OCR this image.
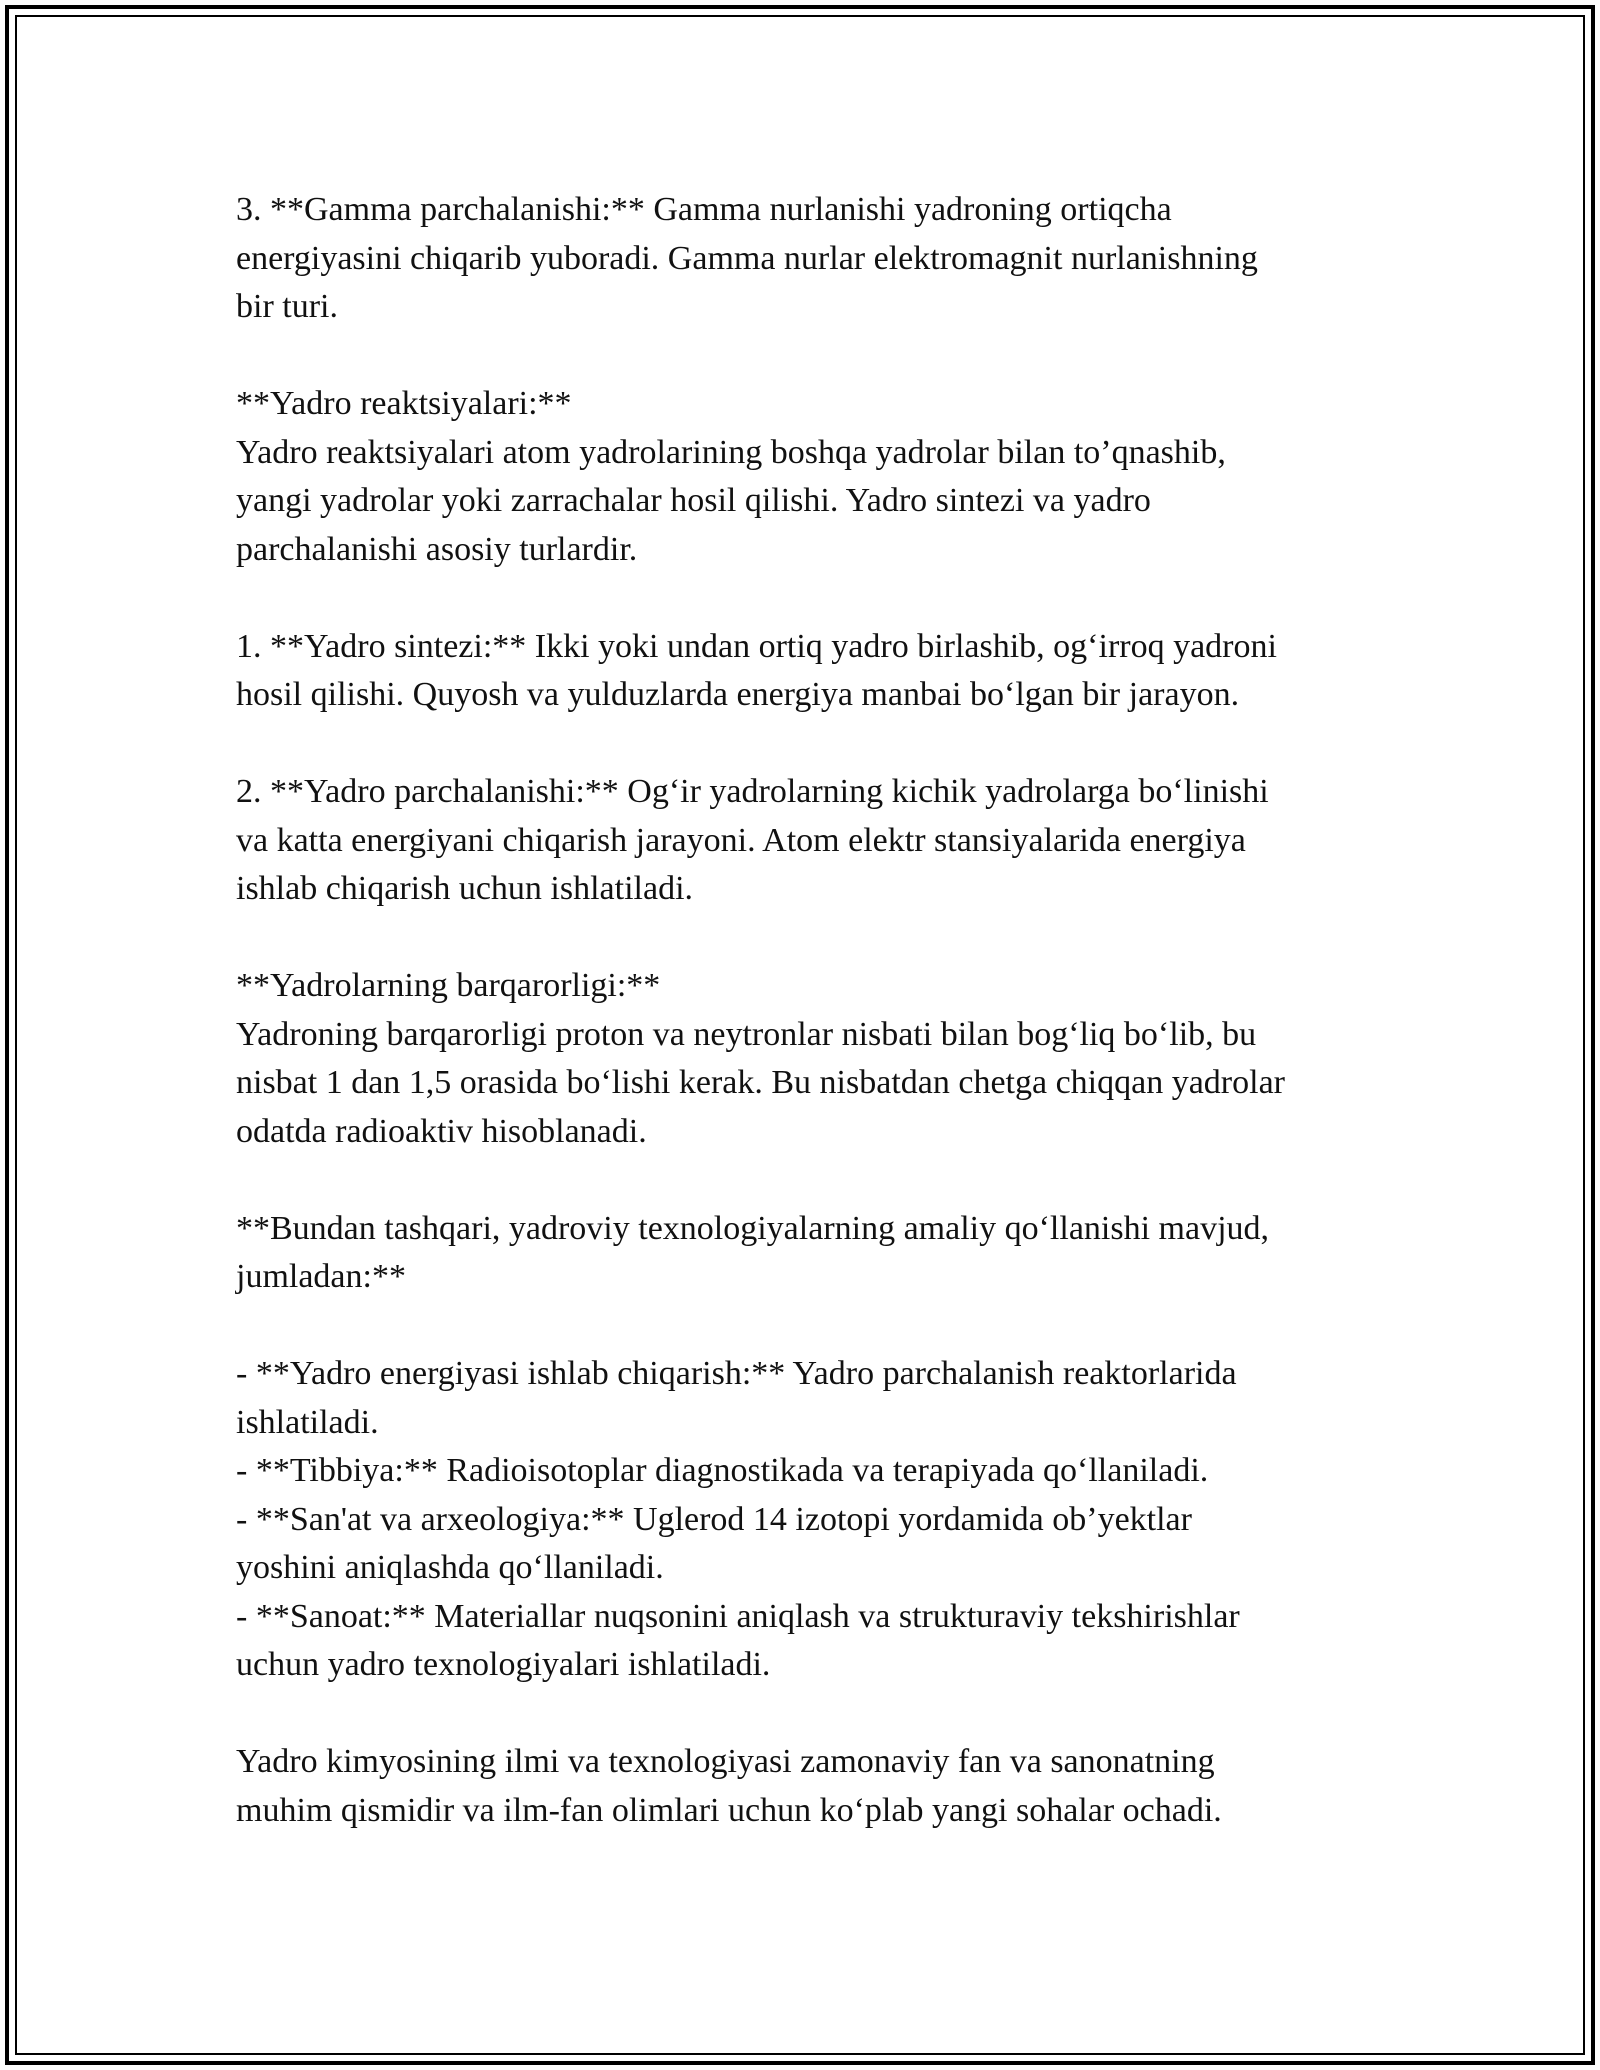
3. **Gamma parchalanishi:** Gamma nurlanishi yadroning ortiqcha

energiyasini chiqarib yuboradi. Gamma nurlar elektromagnit nurlanishning

bir turi.

**Yadro reaktsiyalari:**

Yadro reaktsiyalari atom yadrolarining boshqa yadrolar bilan to’qnashib,

yangi yadrolar yoki zarrachalar hosil qilishi. Yadro sintezi va yadro

parchalanishi asosiy turlardir.

1. **Yadro sintezi:** Ikki yoki undan ortiq yadro birlashib, og‘irroq yadroni

hosil qilishi. Quyosh va yulduzlarda energiya manbai bo‘lgan bir jarayon.

2. **Yadro parchalanishi:** Og‘ir yadrolarning kichik yadrolarga bo‘linishi

va katta energiyani chiqarish jarayoni. Atom elektr stansiyalarida energiya

ishlab chiqarish uchun ishlatiladi.

**Yadrolarning barqarorligi:**

Yadroning barqarorligi proton va neytronlar nisbati bilan bog‘liq bo‘lib, bu

nisbat 1 dan 1,5 orasida bo‘lishi kerak. Bu nisbatdan chetga chiqqan yadrolar

odatda radioaktiv hisoblanadi.

**Bundan tashqari, yadroviy texnologiyalarning amaliy qo‘llanishi mavjud,

jumladan:**

- **Yadro energiyasi ishlab chiqarish:** Yadro parchalanish reaktorlarida

ishlatiladi.

- **Tibbiya:** Radioisotoplar diagnostikada va terapiyada qo‘llaniladi.

- **San'at va arxeologiya:** Uglerod 14 izotopi yordamida ob’yektlar

yoshini aniqlashda qo‘llaniladi.

- **Sanoat:** Materiallar nuqsonini aniqlash va strukturaviy tekshirishlar

uchun yadro texnologiyalari ishlatiladi.

Yadro kimyosining ilmi va texnologiyasi zamonaviy fan va sanonatning

muhim qismidir va ilm-fan olimlari uchun ko‘plab yangi sohalar ochadi.
